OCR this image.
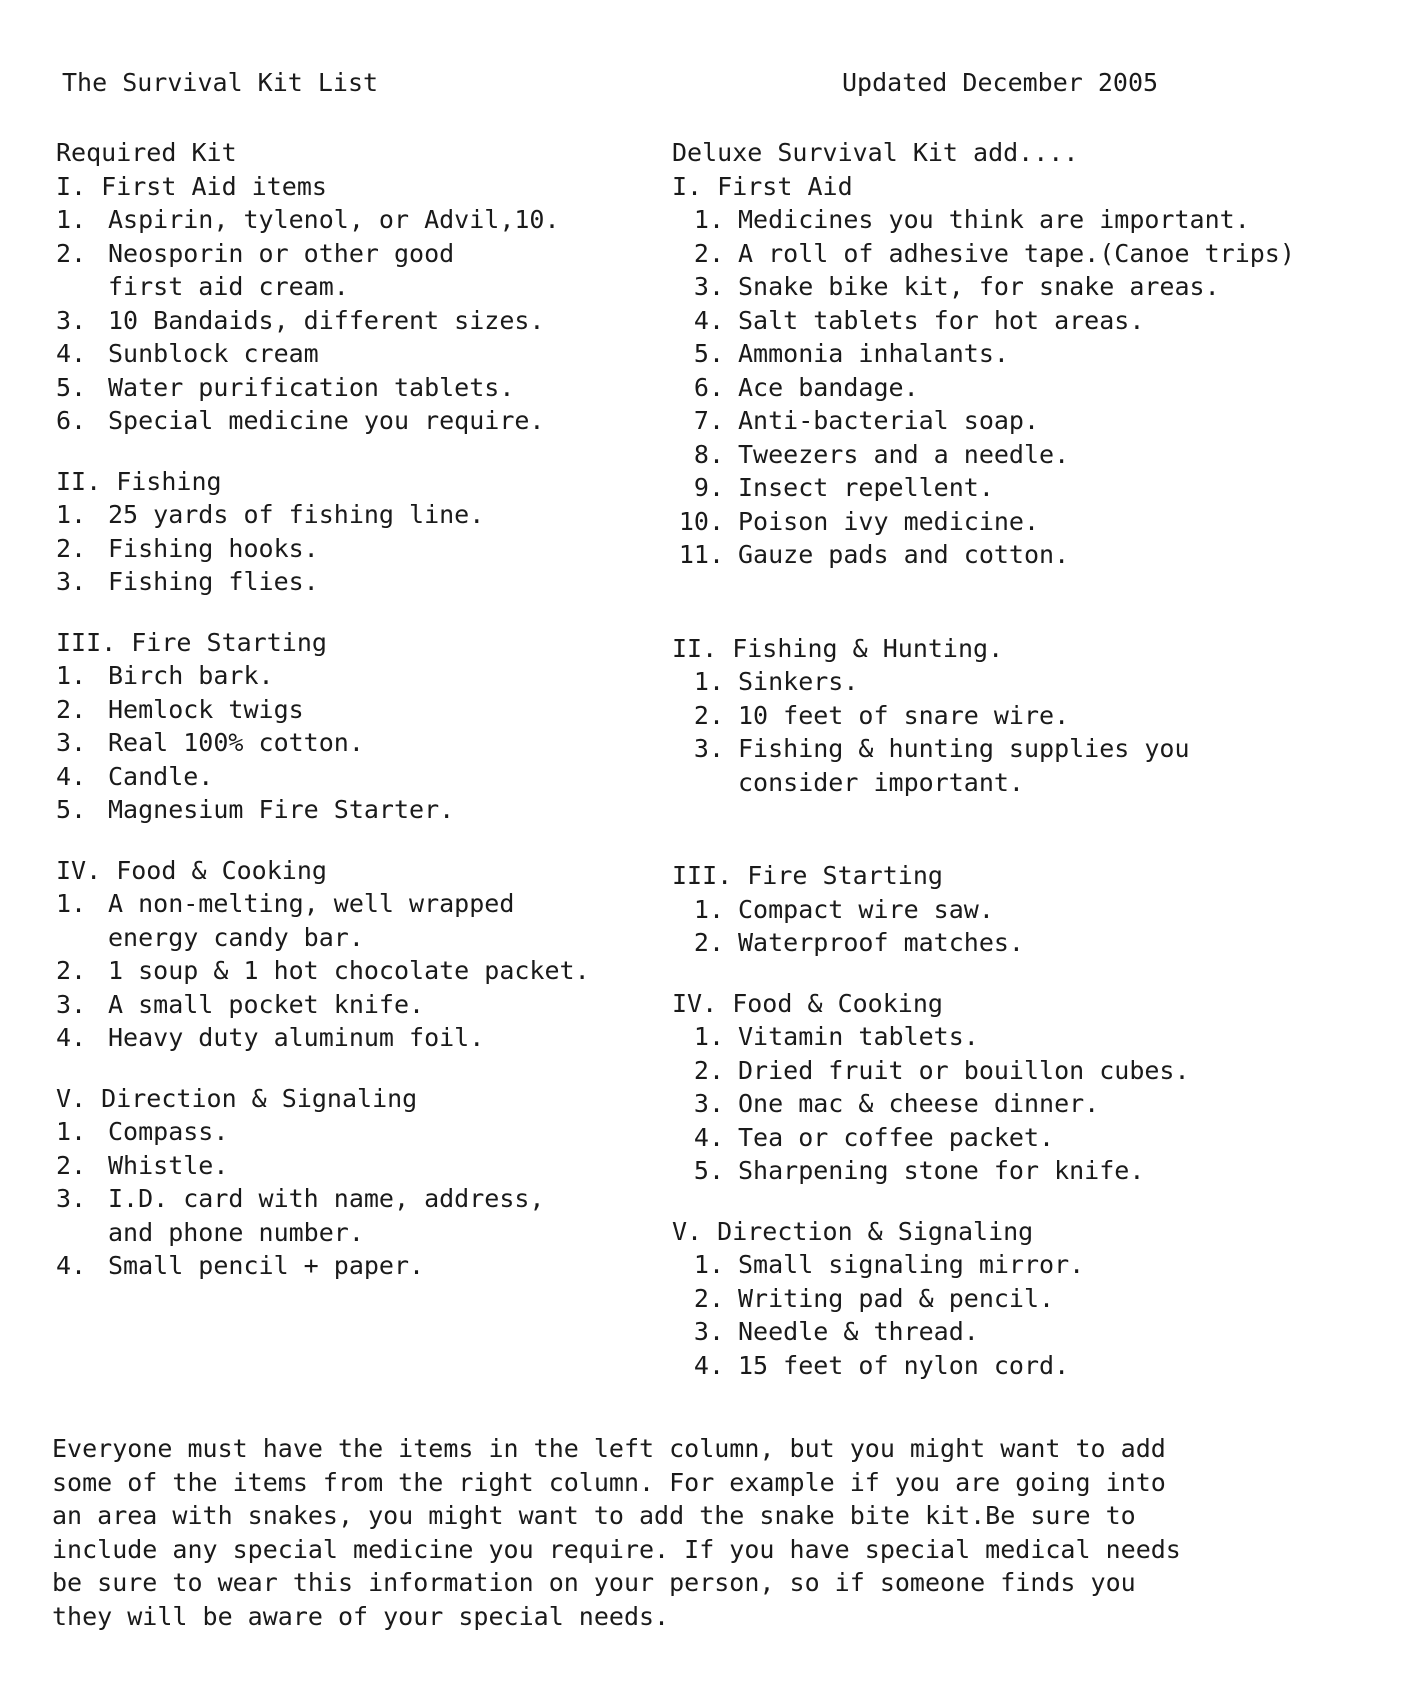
The Survival Kit List	Updated December 2005
Required Kit
I. First Aid items
1. Aspirin, tylenol, or Advil,10.
2. Neosporin or other good
first aid cream.
3. 10 Bandaids, different sizes.
4. Sunblock cream
5. Water purification tablets.
6. Special medicine you require.
II. Fishing
1. 25 yards of fishing line.
2. Fishing hooks.
3. Fishing flies.
III. Fire Starting
1. Birch bark.
2. Hemlock twigs
3. Real 100% cotton.
4. Candle.
5. Magnesium Fire Starter.
IV. Food & Cooking
1. A non-melting, well wrapped
energy candy bar.
2. 1 soup & 1 hot chocolate packet.
3. A small pocket knife.
4. Heavy duty aluminum foil.
V. Direction & Signaling
1. Compass.
2. Whistle.
3. I.D. card with name, address,
and phone number.
4. Small pencil + paper.
Deluxe Survival Kit add....
I. First Aid
1. Medicines you think are important.
2. A roll of adhesive tape.(Canoe trips)
3. Snake bike kit, for snake areas.
4. Salt tablets for hot areas.
5. Ammonia inhalants.
6. Ace bandage.
7. Anti-bacterial soap.
8. Tweezers and a needle.
9. Insect repellent.
10. Poison ivy medicine.
11. Gauze pads and cotton.
II. Fishing & Hunting.
1. Sinkers.
2. 10 feet of snare wire.
3. Fishing & hunting supplies you
consider important.
III. Fire Starting
1. Compact wire saw.
2. Waterproof matches.
IV. Food & Cooking
1. Vitamin tablets.
2. Dried fruit or bouillon cubes.
3. One mac & cheese dinner.
4. Tea or coffee packet.
5. Sharpening stone for knife.
V. Direction & Signaling
1. Small signaling mirror.
2. Writing pad & pencil.
3. Needle & thread.
4. 15 feet of nylon cord.
Everyone must have the items in the left column, but you might want to add
some of the items from the right column. For example if you are going into
an area with snakes, you might want to add the snake bite kit.Be sure to
include any special medicine you require. If you have special medical needs
be sure to wear this information on your person, so if someone finds you
they will be aware of your special needs.
